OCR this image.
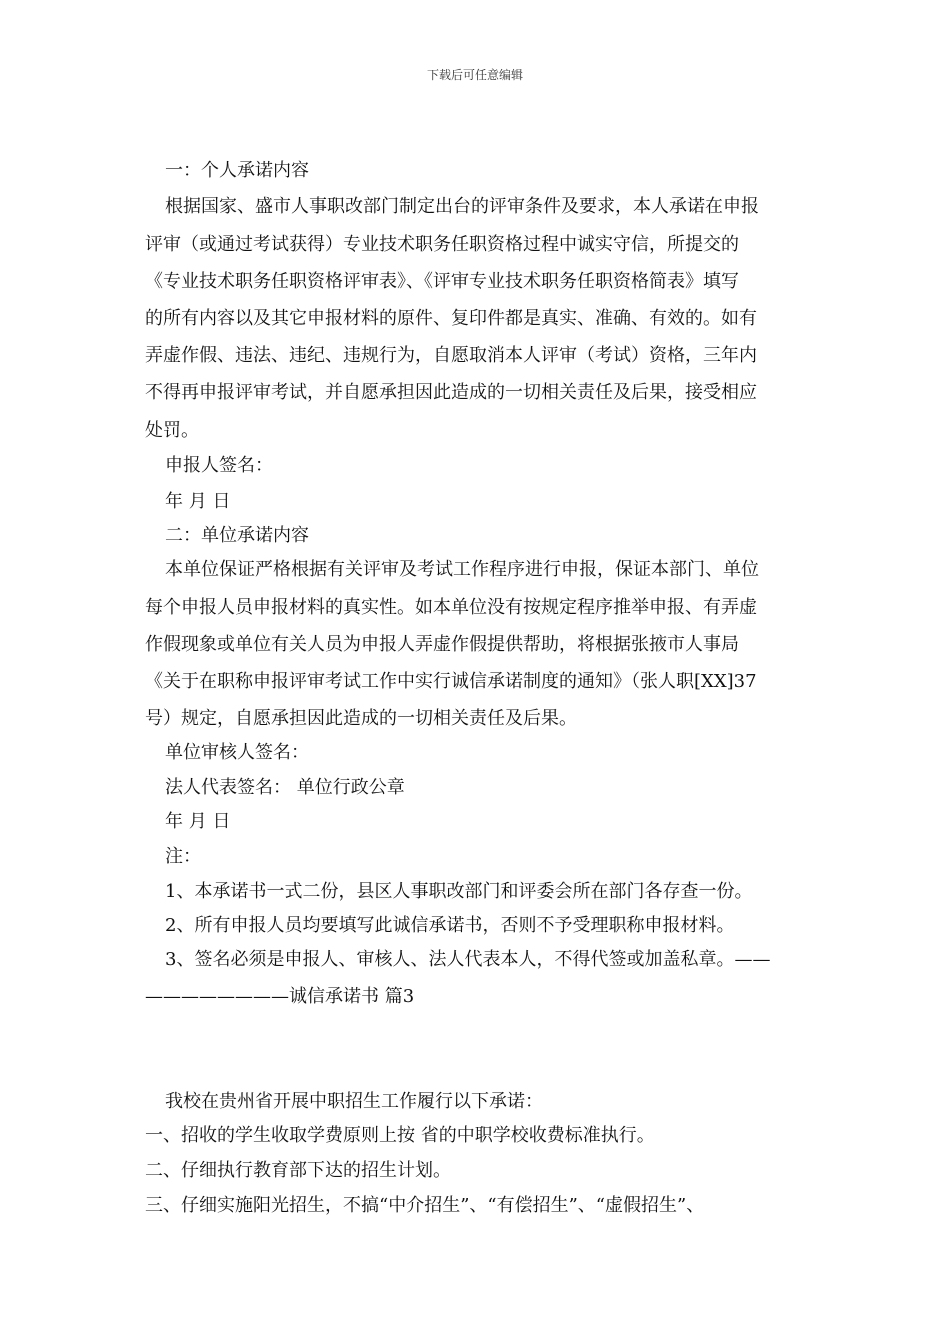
下载后可任意编辑
一：个人承诺内容
根据国家、盛市人事职改部门制定出台的评审条件及要求，本人承诺在申报
评审（或通过考试获得）专业技术职务任职资格过程中诚实守信，所提交的
《专业技术职务任职资格评审表》、《评审专业技术职务任职资格简表》填写
的所有内容以及其它申报材料的原件、复印件都是真实、准确、有效的。如有
弄虚作假、违法、违纪、违规行为，自愿取消本人评审（考试）资格，三年内
不得再申报评审考试，并自愿承担因此造成的一切相关责任及后果，接受相应
处罚。
申报人签名：
年 月 日
二：单位承诺内容
本单位保证严格根据有关评审及考试工作程序进行申报，保证本部门、单位
每个申报人员申报材料的真实性。如本单位没有按规定程序推举申报、有弄虚
作假现象或单位有关人员为申报人弄虚作假提供帮助，将根据张掖市人事局
《关于在职称申报评审考试工作中实行诚信承诺制度的通知》（张人职[XX]37
号）规定，自愿承担因此造成的一切相关责任及后果。
单位审核人签名：
法人代表签名： 单位行政公章
年 月 日
注：
1、本承诺书一式二份，县区人事职改部门和评委会所在部门各存查一份。
2、所有申报人员均要填写此诚信承诺书，否则不予受理职称申报材料。
3、签名必须是申报人、审核人、法人代表本人，不得代签或加盖私章。——
————————诚信承诺书 篇3
我校在贵州省开展中职招生工作履行以下承诺：
一、招收的学生收取学费原则上按 省的中职学校收费标准执行。
二、仔细执行教育部下达的招生计划。
三、仔细实施阳光招生，不搞“中介招生”、“有偿招生”、“虚假招生”、
